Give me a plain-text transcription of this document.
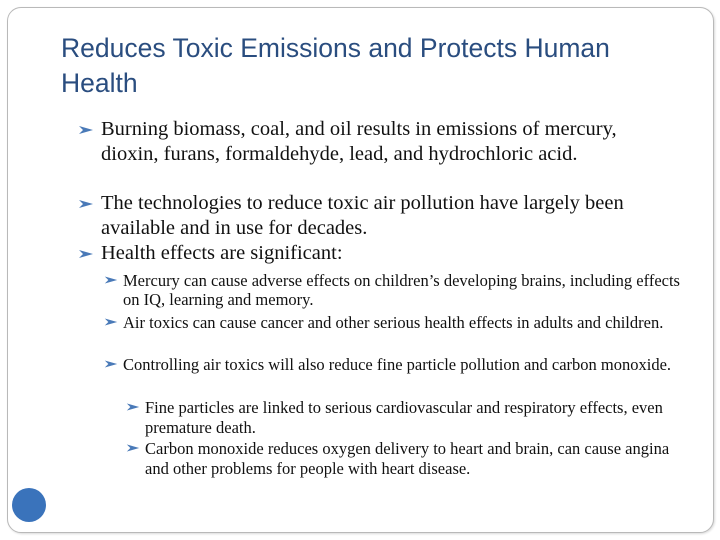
Reduces Toxic Emissions and Protects Human Health
Burning biomass, coal, and oil results in emissions of mercury, dioxin, furans, formaldehyde, lead, and hydrochloric acid.
The technologies to reduce toxic air pollution have largely been available and in use for decades.
Health effects are significant:
Mercury can cause adverse effects on children’s developing brains, including effects on IQ, learning and memory.
Air toxics can cause cancer and other serious health effects in adults and children.
Controlling air toxics will also reduce fine particle pollution and carbon monoxide.
Fine particles are linked to serious cardiovascular and respiratory effects, even premature death.
Carbon monoxide reduces oxygen delivery to heart and brain, can cause angina and other problems for people with heart disease.
